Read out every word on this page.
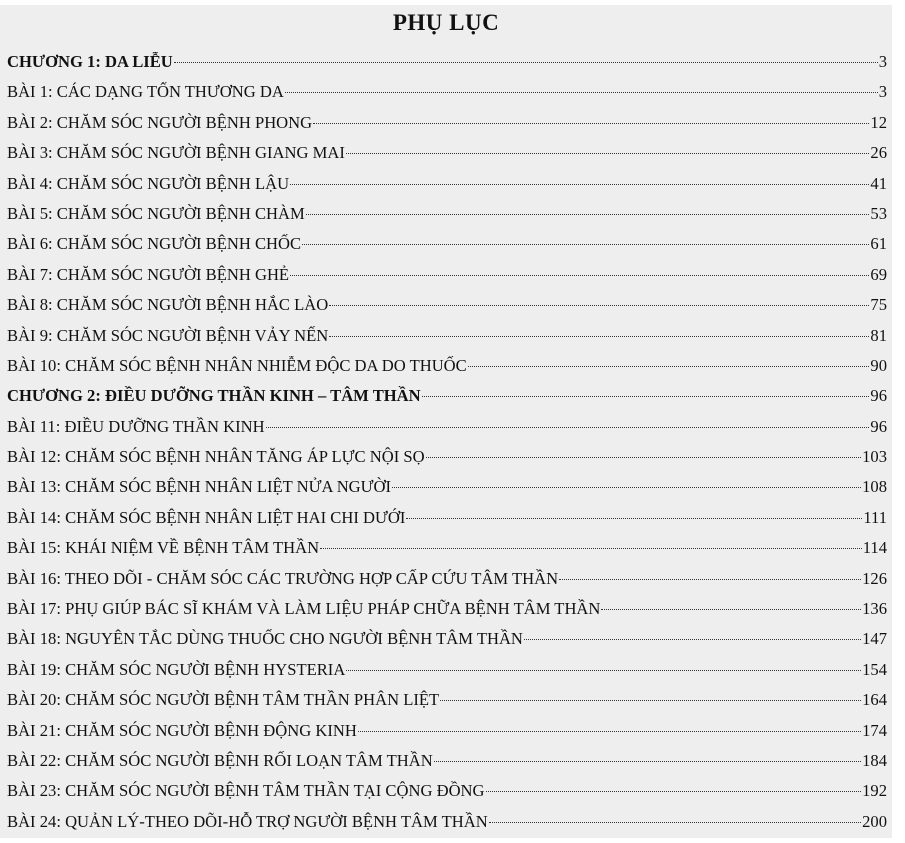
PHỤ LỤC
CHƯƠNG 1: DA LIỄU	3
BÀI 1: CÁC DẠNG TỔN THƯƠNG DA	3
BÀI 2: CHĂM SÓC NGƯỜI BỆNH PHONG	12
BÀI 3: CHĂM SÓC NGƯỜI BỆNH GIANG MAI	26
BÀI 4: CHĂM SÓC NGƯỜI BỆNH LẬU	41
BÀI 5: CHĂM SÓC NGƯỜI BỆNH CHÀM	53
BÀI 6: CHĂM SÓC NGƯỜI BỆNH CHỐC	61
BÀI 7: CHĂM SÓC NGƯỜI BỆNH GHẺ	69
BÀI 8: CHĂM SÓC NGƯỜI BỆNH HẮC LÀO	75
BÀI 9: CHĂM SÓC NGƯỜI BỆNH VẢY NẾN	81
BÀI 10: CHĂM SÓC BỆNH NHÂN NHIỄM ĐỘC DA DO THUỐC	90
CHƯƠNG 2: ĐIỀU DƯỠNG THẦN KINH – TÂM THẦN	96
BÀI 11: ĐIỀU DƯỠNG THẦN KINH	96
BÀI 12: CHĂM SÓC BỆNH NHÂN TĂNG ÁP LỰC NỘI SỌ	103
BÀI 13: CHĂM SÓC BỆNH NHÂN LIỆT NỬA NGƯỜI	108
BÀI 14: CHĂM SÓC BỆNH NHÂN LIỆT HAI CHI DƯỚI	111
BÀI 15: KHÁI NIỆM VỀ BỆNH TÂM THẦN	114
BÀI 16: THEO DÕI - CHĂM SÓC CÁC TRƯỜNG HỢP CẤP CỨU TÂM THẦN	126
BÀI 17: PHỤ GIÚP BÁC SĨ KHÁM VÀ LÀM LIỆU PHÁP CHỮA BỆNH TÂM THẦN	136
BÀI 18: NGUYÊN TẮC DÙNG THUỐC CHO NGƯỜI BỆNH TÂM THẦN	147
BÀI 19: CHĂM SÓC NGƯỜI BỆNH HYSTERIA	154
BÀI 20: CHĂM SÓC NGƯỜI BỆNH TÂM THẦN PHÂN LIỆT	164
BÀI 21: CHĂM SÓC NGƯỜI BỆNH ĐỘNG KINH	174
BÀI 22: CHĂM SÓC NGƯỜI BỆNH RỐI LOẠN TÂM THẦN	184
BÀI 23: CHĂM SÓC NGƯỜI BỆNH TÂM THẦN TẠI CỘNG ĐỒNG	192
BÀI 24: QUẢN LÝ-THEO DÕI-HỖ TRỢ NGƯỜI BỆNH TÂM THẦN	200
